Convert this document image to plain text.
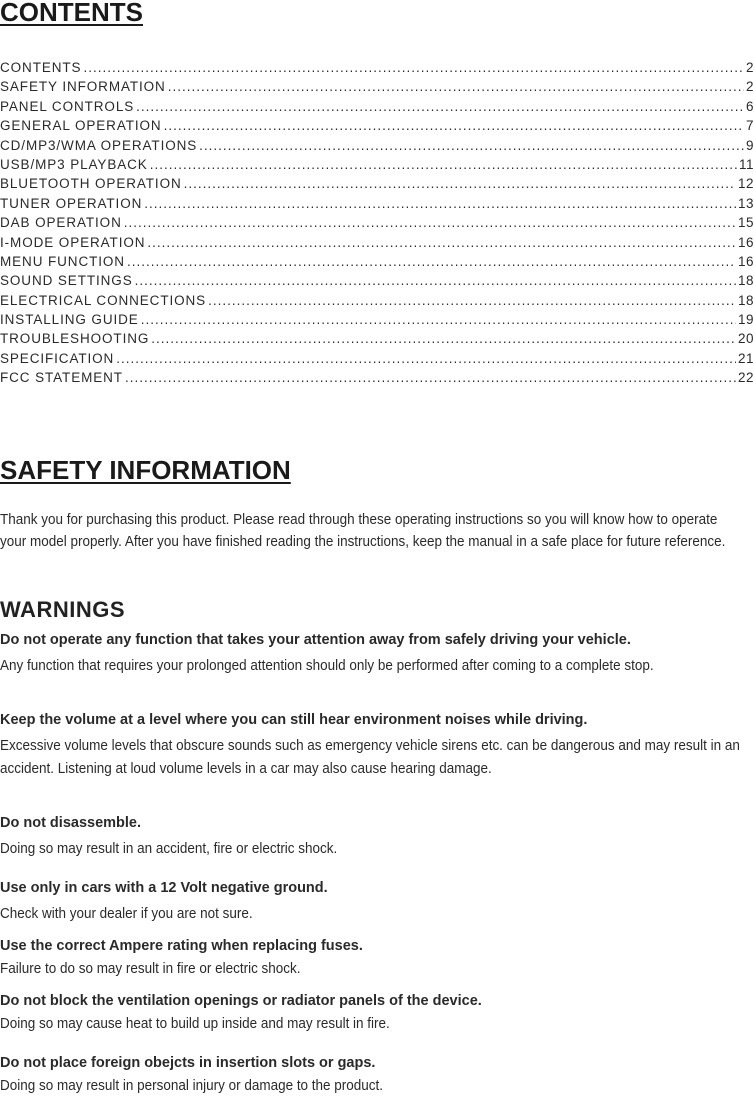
CONTENTS
CONTENTS .....	2
SAFETY INFORMATION .....	2
PANEL CONTROLS .....	6
GENERAL OPERATION .....	7
CD/MP3/WMA OPERATIONS .....	9
USB/MP3 PLAYBACK .....	11
BLUETOOTH OPERATION .....	12
TUNER OPERATION .....	13
DAB OPERATION .....	15
I-MODE OPERATION .....	16
MENU FUNCTION .....	16
SOUND SETTINGS .....	18
ELECTRICAL CONNECTIONS .....	18
INSTALLING GUIDE .....	19
TROUBLESHOOTING .....	20
SPECIFICATION .....	21
FCC STATEMENT .....	22
SAFETY INFORMATION

Thank you for purchasing this product. Please read through these operating instructions so you will know how to operate your model properly. After you have finished reading the instructions, keep the manual in a safe place for future reference.

WARNINGS

Do not operate any function that takes your attention away from safely driving your vehicle.

Any function that requires your prolonged attention should only be performed after coming to a complete stop.

Keep the volume at a level where you can still hear environment noises while driving.

Excessive volume levels that obscure sounds such as emergency vehicle sirens etc. can be dangerous and may result in an accident. Listening at loud volume levels in a car may also cause hearing damage.

Do not disassemble.

Doing so may result in an accident, fire or electric shock.

Use only in cars with a 12 Volt negative ground.

Check with your dealer if you are not sure.

Use the correct Ampere rating when replacing fuses.

Failure to do so may result in fire or electric shock.

Do not block the ventilation openings or radiator panels of the device.

Doing so may cause heat to build up inside and may result in fire.

Do not place foreign obejcts in insertion slots or gaps.

Doing so may result in personal injury or damage to the product.
